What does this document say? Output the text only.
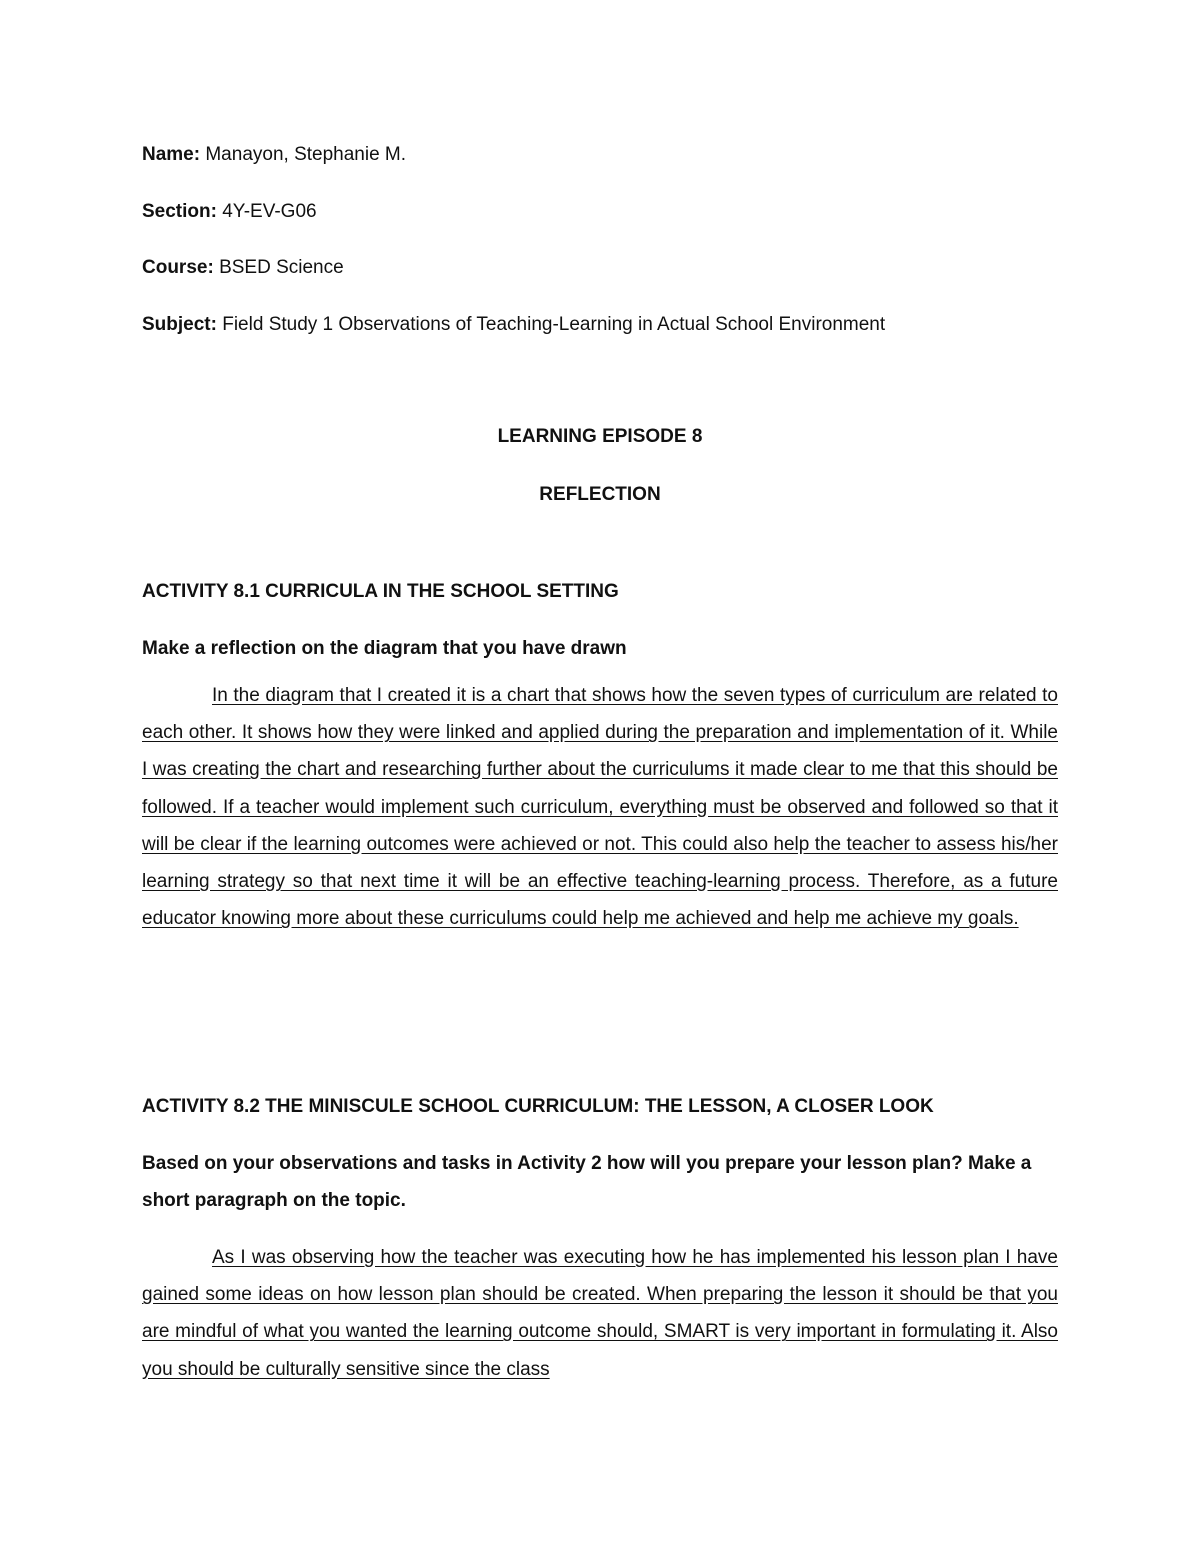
Name: Manayon, Stephanie M.
Section: 4Y-EV-G06
Course: BSED Science
Subject: Field Study 1 Observations of Teaching-Learning in Actual School Environment
LEARNING EPISODE 8
REFLECTION
ACTIVITY 8.1 CURRICULA IN THE SCHOOL SETTING
Make a reflection on the diagram that you have drawn

In the diagram that I created it is a chart that shows how the seven types of curriculum are related to each other. It shows how they were linked and applied during the preparation and implementation of it. While I was creating the chart and researching further about the curriculums it made clear to me that this should be followed. If a teacher would implement such curriculum, everything must be observed and followed so that it will be clear if the learning outcomes were achieved or not. This could also help the teacher to assess his/her learning strategy so that next time it will be an effective teaching-learning process. Therefore, as a future educator knowing more about these curriculums could help me achieved and help me achieve my goals.

ACTIVITY 8.2 THE MINISCULE SCHOOL CURRICULUM: THE LESSON, A CLOSER LOOK
Based on your observations and tasks in Activity 2 how will you prepare your lesson plan? Make a short paragraph on the topic.

As I was observing how the teacher was executing how he has implemented his lesson plan I have gained some ideas on how lesson plan should be created. When preparing the lesson it should be that you are mindful of what you wanted the learning outcome should, SMART is very important in formulating it. Also you should be culturally sensitive since the class
